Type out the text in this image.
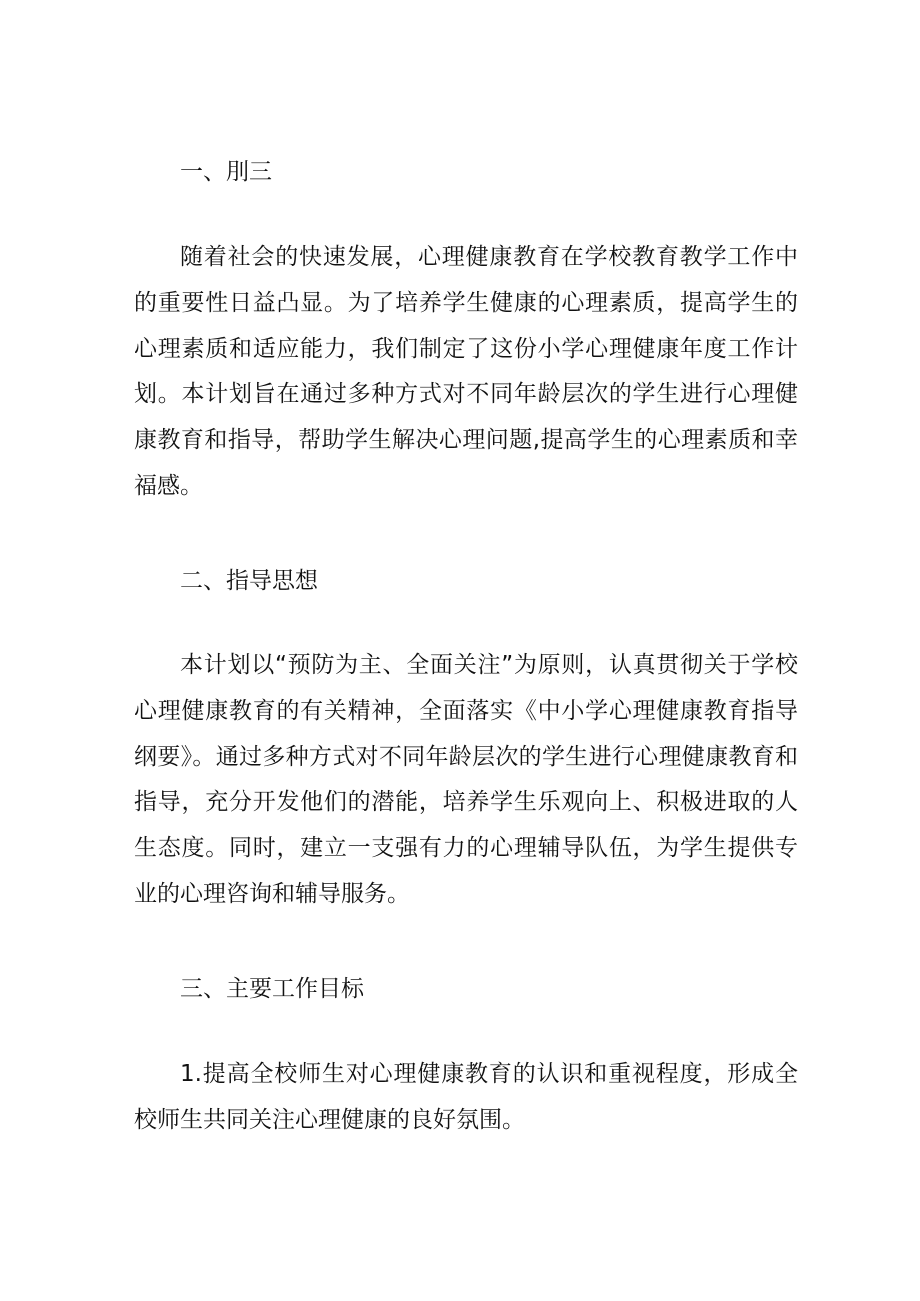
一、刖三

随着社会的快速发展，心理健康教育在学校教育教学工作中的重要性日益凸显。为了培养学生健康的心理素质，提高学生的心理素质和适应能力，我们制定了这份小学心理健康年度工作计划。本计划旨在通过多种方式对不同年龄层次的学生进行心理健康教育和指导，帮助学生解决心理问题,提高学生的心理素质和幸福感。

二、指导思想

本计划以“预防为主、全面关注”为原则，认真贯彻关于学校心理健康教育的有关精神，全面落实《中小学心理健康教育指导纲要》。通过多种方式对不同年龄层次的学生进行心理健康教育和指导，充分开发他们的潜能，培养学生乐观向上、积极进取的人生态度。同时，建立一支强有力的心理辅导队伍，为学生提供专业的心理咨询和辅导服务。

三、主要工作目标

1.提高全校师生对心理健康教育的认识和重视程度，形成全校师生共同关注心理健康的良好氛围。
